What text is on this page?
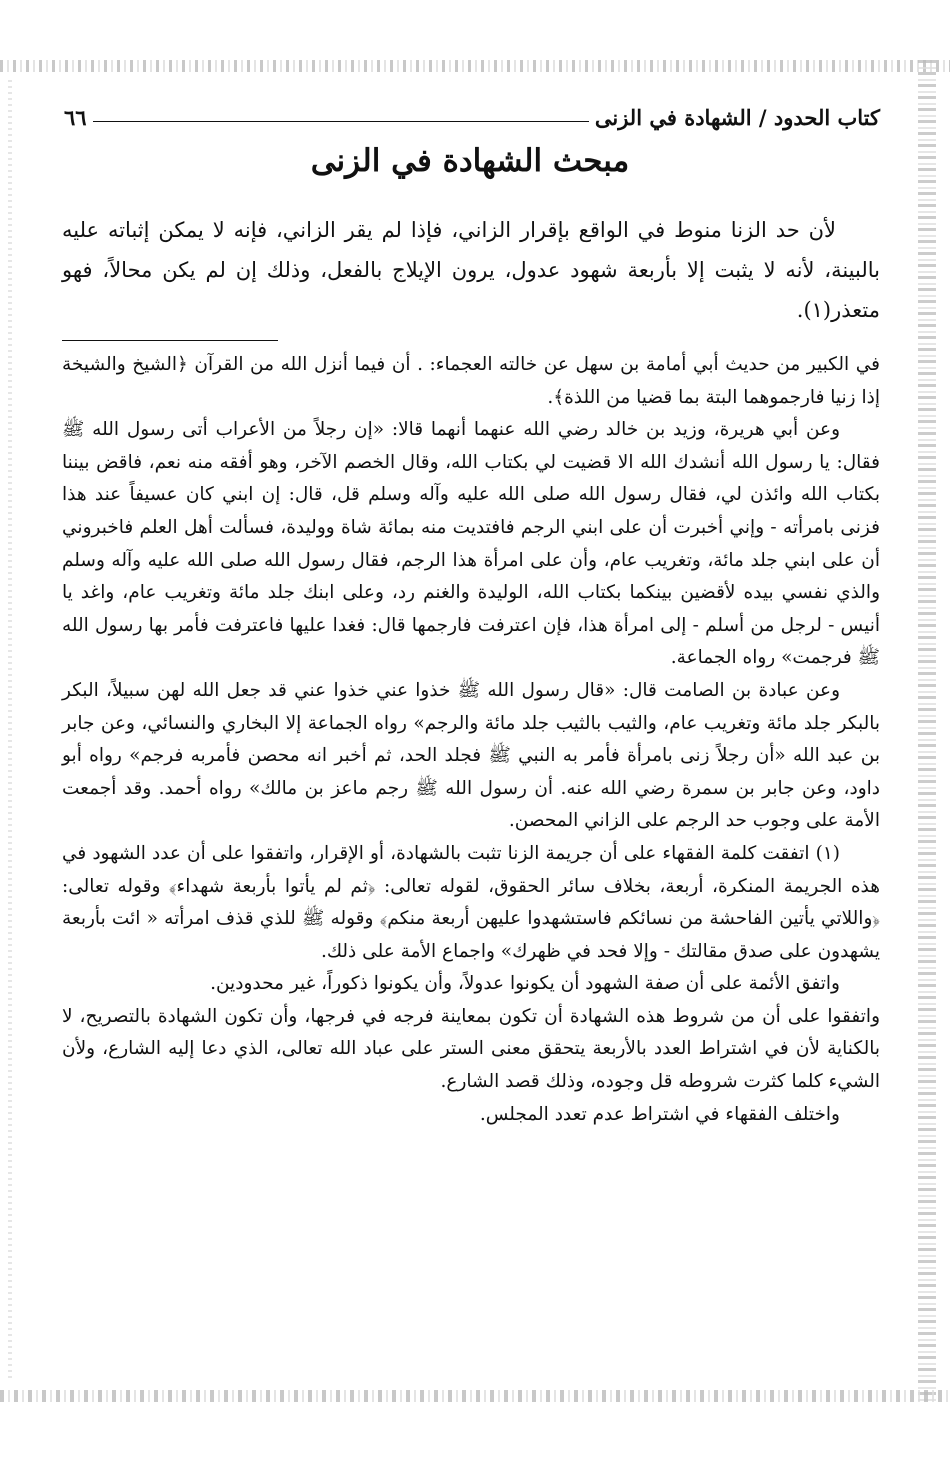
كتاب الحدود / الشهادة في الزنى
٦٦
مبحث الشهادة في الزنى

لأن حد الزنا منوط في الواقع بإقرار الزاني، فإذا لم يقر الزاني، فإنه لا يمكن إثباته عليه بالبينة، لأنه لا يثبت إلا بأربعة شهود عدول، يرون الإيلاج بالفعل، وذلك إن لم يكن محالاً، فهو متعذر(١).

في الكبير من حديث أبي أمامة بن سهل عن خالته العجماء: . أن فيما أنزل الله من القرآن ﴿الشيخ والشيخة إذا زنيا فارجموهما البتة بما قضيا من اللذة﴾.

وعن أبي هريرة، وزيد بن خالد رضي الله عنهما أنهما قالا: «إن رجلاً من الأعراب أتى رسول الله ﷺ فقال: يا رسول الله أنشدك الله الا قضيت لي بكتاب الله، وقال الخصم الآخر، وهو أفقه منه نعم، فاقض بيننا بكتاب الله وائذن لي، فقال رسول الله صلى الله عليه وآله وسلم قل، قال: إن ابني كان عسيفاً عند هذا فزنى بامرأته - وإني أخبرت أن على ابني الرجم فافتديت منه بمائة شاة ووليدة، فسألت أهل العلم فاخبروني أن على ابني جلد مائة، وتغريب عام، وأن على امرأة هذا الرجم، فقال رسول الله صلى الله عليه وآله وسلم والذي نفسي بيده لأقضين بينكما بكتاب الله، الوليدة والغنم رد، وعلى ابنك جلد مائة وتغريب عام، واغد يا أنيس - لرجل من أسلم - إلى امرأة هذا، فإن اعترفت فارجمها قال: فغدا عليها فاعترفت فأمر بها رسول الله ﷺ فرجمت» رواه الجماعة.

وعن عبادة بن الصامت قال: «قال رسول الله ﷺ خذوا عني خذوا عني قد جعل الله لهن سبيلاً، البكر بالبكر جلد مائة وتغريب عام، والثيب بالثيب جلد مائة والرجم» رواه الجماعة إلا البخاري والنسائي، وعن جابر بن عبد الله «أن رجلاً زنى بامرأة فأمر به النبي ﷺ فجلد الحد، ثم أخبر انه محصن فأمربه فرجم» رواه أبو داود، وعن جابر بن سمرة رضي الله عنه. أن رسول الله ﷺ رجم ماعز بن مالك» رواه أحمد. وقد أجمعت الأمة على وجوب حد الرجم على الزاني المحصن.

(١) اتفقت كلمة الفقهاء على أن جريمة الزنا تثبت بالشهادة، أو الإقرار، واتفقوا على أن عدد الشهود في هذه الجريمة المنكرة، أربعة، بخلاف سائر الحقوق، لقوله تعالى: ﴿ثم لم يأتوا بأربعة شهداء﴾ وقوله تعالى: ﴿واللاتي يأتين الفاحشة من نسائكم فاستشهدوا عليهن أربعة منكم﴾ وقوله ﷺ للذي قذف امرأته « ائت بأربعة يشهدون على صدق مقالتك - وإلا فحد في ظهرك» واجماع الأمة على ذلك.

واتفق الأئمة على أن صفة الشهود أن يكونوا عدولاً، وأن يكونوا ذكوراً، غير محدودين.

واتفقوا على أن من شروط هذه الشهادة أن تكون بمعاينة فرجه في فرجها، وأن تكون الشهادة بالتصريح، لا بالكناية لأن في اشتراط العدد بالأربعة يتحقق معنى الستر على عباد الله تعالى، الذي دعا إليه الشارع، ولأن الشيء كلما كثرت شروطه قل وجوده، وذلك قصد الشارع.

واختلف الفقهاء في اشتراط عدم تعدد المجلس.
